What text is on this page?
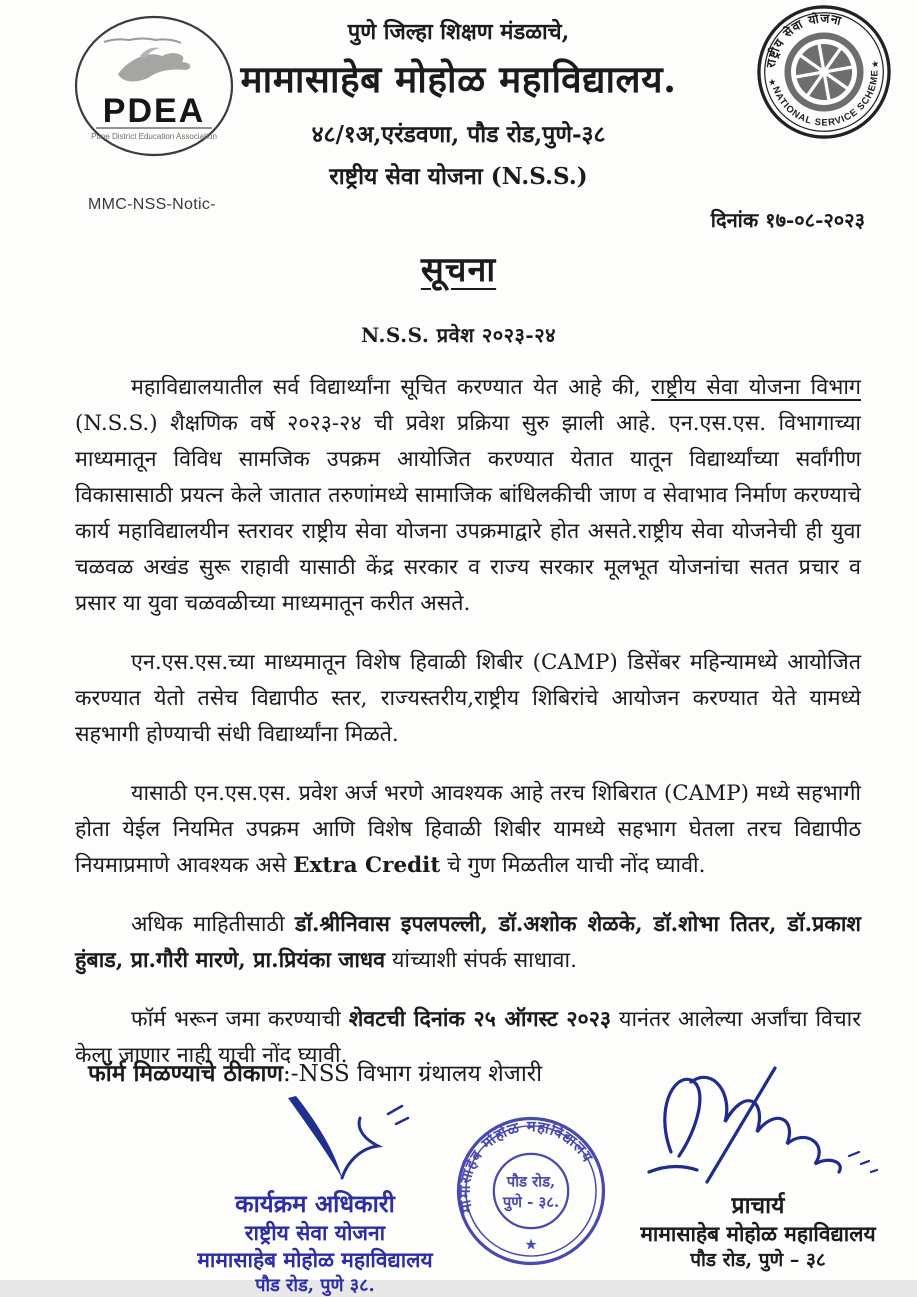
PDEA
Pune District Education Association
राष्ट्रीय सेवा योजना
NATIONAL SERVICE SCHEME
★
★
पुणे जिल्हा शिक्षण मंडळाचे,
मामासाहेब मोहोळ महाविद्यालय.
४८/१अ,एरंडवणा, पौड रोड,पुणे-३८
राष्ट्रीय सेवा योजना (N.S.S.)
MMC-NSS-Notic-
दिनांक १७-०८-२०२३
सूचना
N.S.S. प्रवेश २०२३-२४

महाविद्यालयातील सर्व विद्यार्थ्यांना सूचित करण्यात येत आहे की, राष्ट्रीय सेवा योजना विभाग (N.S.S.) शैक्षणिक वर्षे २०२३-२४ ची प्रवेश प्रक्रिया सुरु झाली आहे. एन.एस.एस. विभागाच्या माध्यमातून विविध सामजिक उपक्रम आयोजित करण्यात येतात यातून विद्यार्थ्यांच्या सर्वांगीण विकासासाठी प्रयत्न केले जातात तरुणांमध्ये सामाजिक बांधिलकीची जाण व सेवाभाव निर्माण करण्याचे कार्य महाविद्यालयीन स्तरावर राष्ट्रीय सेवा योजना उपक्रमाद्वारे होत असते.राष्ट्रीय सेवा योजनेची ही युवा चळवळ अखंड सुरू राहावी यासाठी केंद्र सरकार व राज्य सरकार मूलभूत योजनांचा सतत प्रचार व प्रसार या युवा चळवळीच्या माध्यमातून करीत असते.

एन.एस.एस.च्या माध्यमातून विशेष हिवाळी शिबीर (CAMP) डिसेंबर महिन्यामध्ये आयोजित करण्यात येतो तसेच विद्यापीठ स्तर, राज्यस्तरीय,राष्ट्रीय शिबिरांचे आयोजन करण्यात येते यामध्ये सहभागी होण्याची संधी विद्यार्थ्यांना मिळते.

यासाठी एन.एस.एस. प्रवेश अर्ज भरणे आवश्यक आहे तरच शिबिरात (CAMP) मध्ये सहभागी होता येईल नियमित उपक्रम आणि विशेष हिवाळी शिबीर यामध्ये सहभाग घेतला तरच विद्यापीठ नियमाप्रमाणे आवश्यक असे Extra Credit चे गुण मिळतील याची नोंद घ्यावी.

अधिक माहितीसाठी डॉ.श्रीनिवास इपलपल्ली, डॉ.अशोक शेळके, डॉ.शोभा तितर, डॉ.प्रकाश हुंबाड, प्रा.गौरी मारणे, प्रा.प्रियंका जाधव यांच्याशी संपर्क साधावा.

फॉर्म भरून जमा करण्याची शेवटची दिनांक २५ ऑगस्ट २०२३ यानंतर आलेल्या अर्जांचा विचार केला जाणार नाही याची नोंद घ्यावी.

फॉर्म मिळण्याचे ठीकाण:-NSS विभाग ग्रंथालय शेजारी
कार्यक्रम अधिकारी
राष्ट्रीय सेवा योजना
मामासाहेब मोहोळ महाविद्यालय
पौड रोड, पुणे ३८.
मामासाहेब मोहोळ महाविद्यालय
पौड रोड,
पुणे - ३८.
★
प्राचार्य
मामासाहेब मोहोळ महाविद्यालय
पौड रोड, पुणे – ३८
